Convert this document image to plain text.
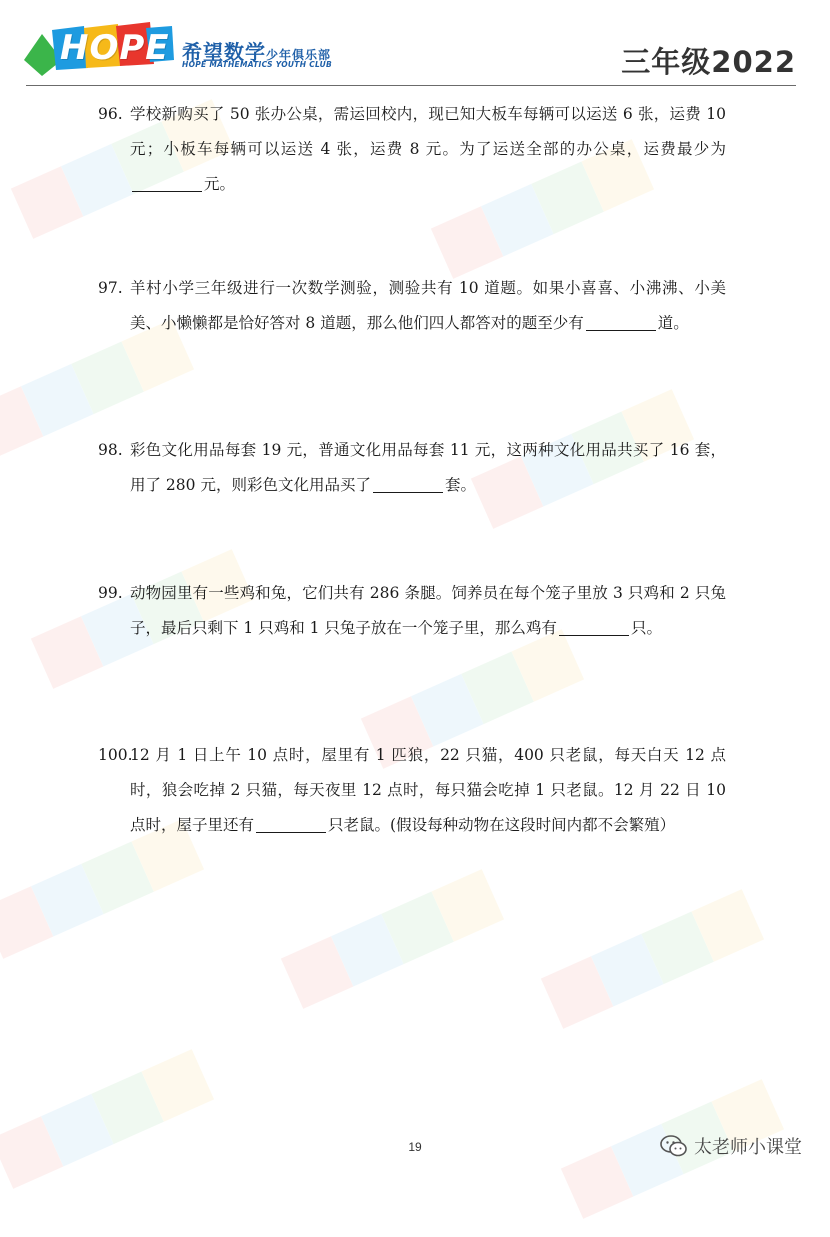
HOPE 希望数学少年俱乐部
HOPE MATHEMATICS YOUTH CLUB	三年级2022
96. 学校新购买了 50 张办公桌，需运回校内，现已知大板车每辆可以运送 6 张，运费 10 元；小板车每辆可以运送 4 张，运费 8 元。为了运送全部的办公桌，运费最少为元。
97. 羊村小学三年级进行一次数学测验，测验共有 10 道题。如果小喜喜、小沸沸、小美美、小懒懒都是恰好答对 8 道题，那么他们四人都答对的题至少有	道。
98. 彩色文化用品每套 19 元，普通文化用品每套 11 元，这两种文化用品共买了 16 套，用了 280 元，则彩色文化用品买了	套。
99. 动物园里有一些鸡和兔，它们共有 286 条腿。饲养员在每个笼子里放 3 只鸡和 2 只兔子，最后只剩下 1 只鸡和 1 只兔子放在一个笼子里，那么鸡有	只。
100.
12 月 1 日上午 10 点时，屋里有 1 匹狼，22 只猫，400 只老鼠，每天白天 12 点时，狼会吃掉 2 只猫，每天夜里 12 点时，每只猫会吃掉 1 只老鼠。12 月 22 日 10 点时，屋子里还有	只老鼠。(假设每种动物在这段时间内都不会繁殖）
19	太老师小课堂
